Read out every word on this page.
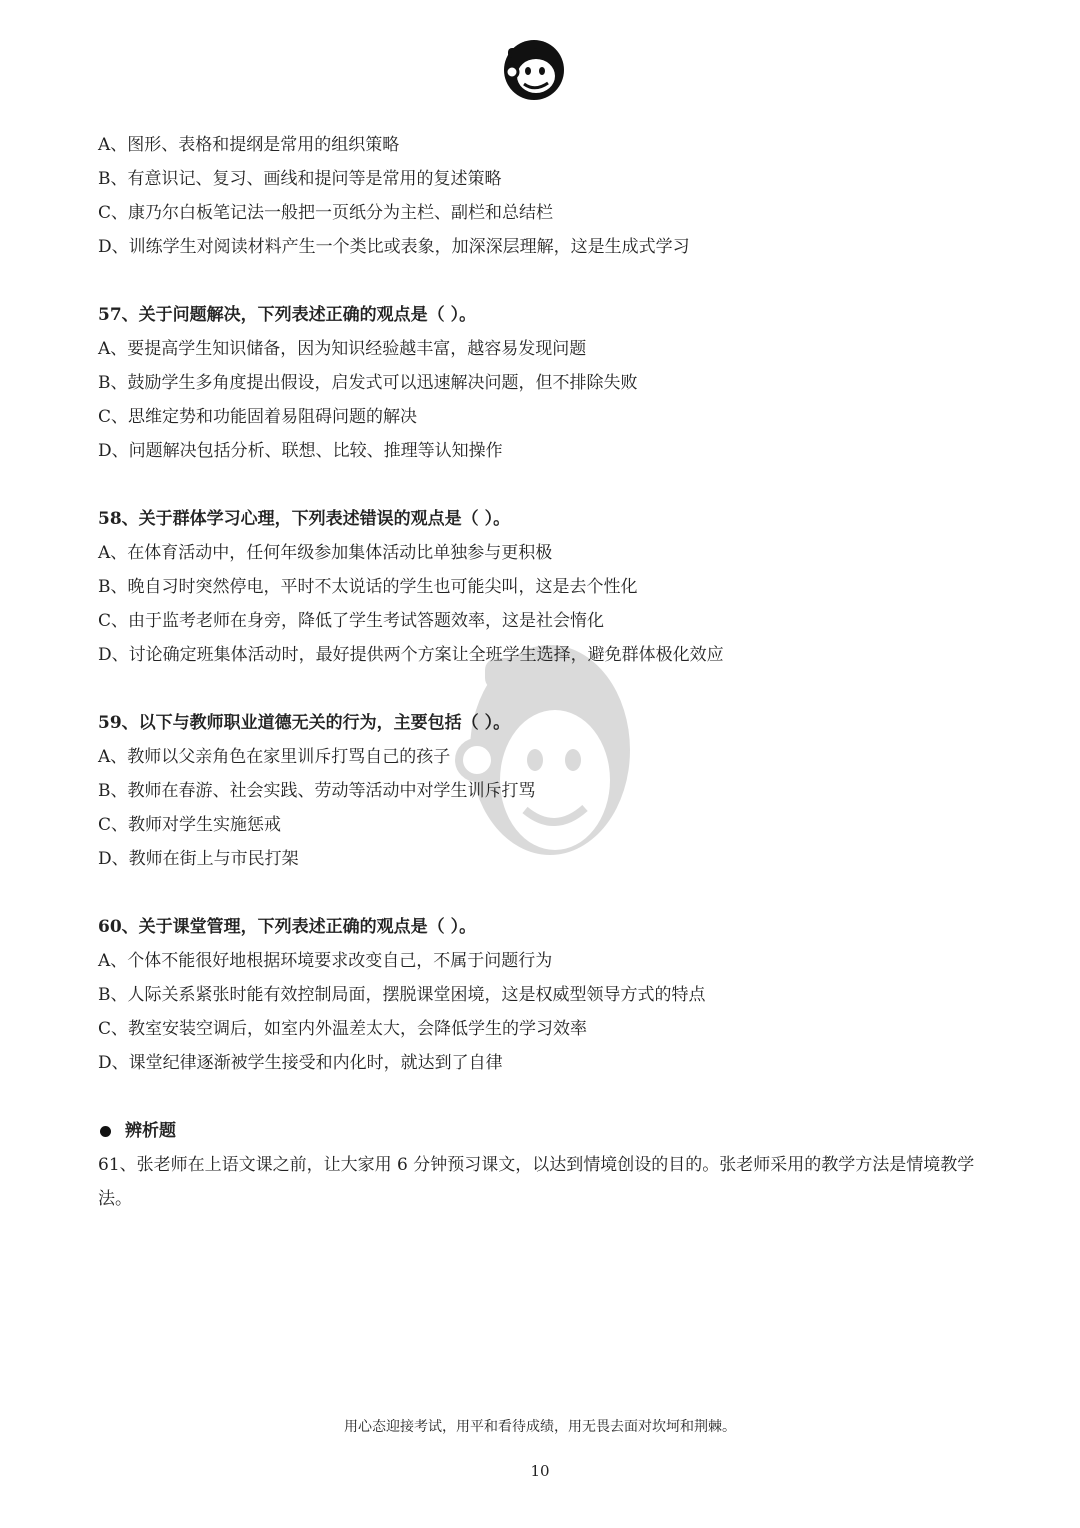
A、图形、表格和提纲是常用的组织策略
B、有意识记、复习、画线和提问等是常用的复述策略
C、康乃尔白板笔记法一般把一页纸分为主栏、副栏和总结栏
D、训练学生对阅读材料产生一个类比或表象，加深深层理解，这是生成式学习
57、关于问题解决，下列表述正确的观点是（ ）。
A、要提高学生知识储备，因为知识经验越丰富，越容易发现问题
B、鼓励学生多角度提出假设，启发式可以迅速解决问题，但不排除失败
C、思维定势和功能固着易阻碍问题的解决
D、问题解决包括分析、联想、比较、推理等认知操作
58、关于群体学习心理，下列表述错误的观点是（ ）。
A、在体育活动中，任何年级参加集体活动比单独参与更积极
B、晚自习时突然停电，平时不太说话的学生也可能尖叫，这是去个性化
C、由于监考老师在身旁，降低了学生考试答题效率，这是社会惰化
D、讨论确定班集体活动时，最好提供两个方案让全班学生选择，避免群体极化效应
59、以下与教师职业道德无关的行为，主要包括（ ）。
A、教师以父亲角色在家里训斥打骂自己的孩子
B、教师在春游、社会实践、劳动等活动中对学生训斥打骂
C、教师对学生实施惩戒
D、教师在街上与市民打架
60、关于课堂管理，下列表述正确的观点是（ ）。
A、个体不能很好地根据环境要求改变自己，不属于问题行为
B、人际关系紧张时能有效控制局面，摆脱课堂困境，这是权威型领导方式的特点
C、教室安装空调后，如室内外温差太大，会降低学生的学习效率
D、课堂纪律逐渐被学生接受和内化时，就达到了自律
辨析题
61、张老师在上语文课之前，让大家用 6 分钟预习课文，以达到情境创设的目的。张老师采用的教学方法是情境教学法。
用心态迎接考试，用平和看待成绩，用无畏去面对坎坷和荆棘。
10
